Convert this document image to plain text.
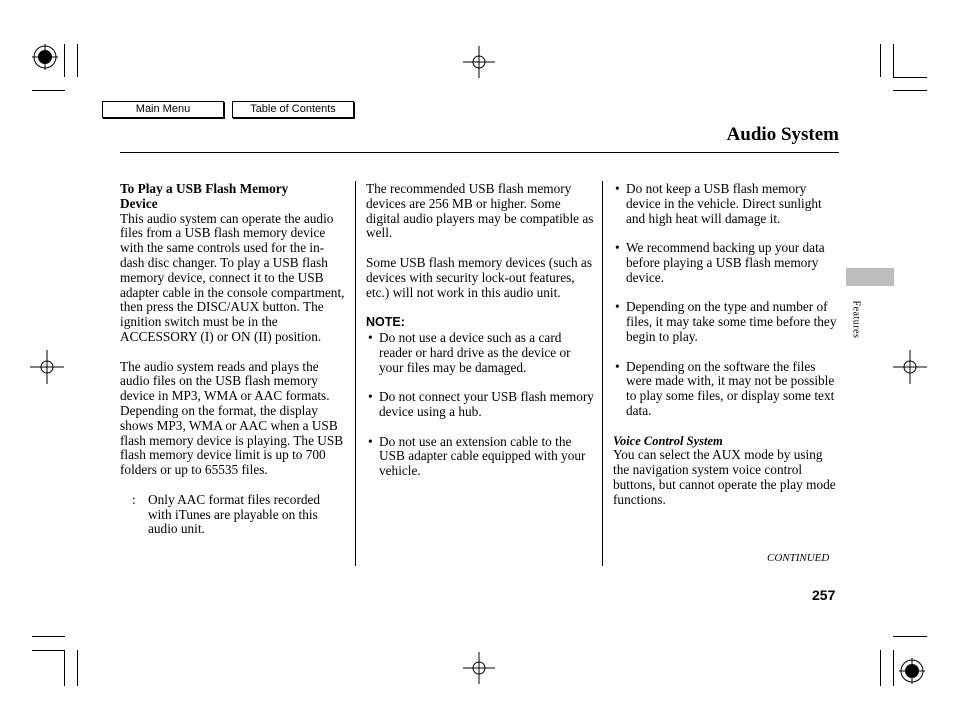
Main Menu	Table of Contents
Audio System
To Play a USB Flash Memory
Device

This audio system can operate the audio files from a USB flash memory device with the same controls used for the in-dash disc changer. To play a USB flash memory device, connect it to the USB adapter cable in the console compartment, then press the DISC/AUX button. The ignition switch must be in the ACCESSORY (I) or ON (II) position.

The audio system reads and plays the audio files on the USB flash memory device in MP3, WMA or AAC formats. Depending on the format, the display shows MP3, WMA or AAC when a USB flash memory device is playing. The USB flash memory device limit is up to 700 folders or up to 65535 files.

: Only AAC format files recorded with iTunes are playable on this audio unit.

The recommended USB flash memory devices are 256 MB or higher. Some digital audio players may be compatible as well.

Some USB flash memory devices (such as devices with security lock-out features, etc.) will not work in this audio unit.

NOTE:
• Do not use a device such as a card reader or hard drive as the device or your files may be damaged.
• Do not connect your USB flash memory device using a hub.
• Do not use an extension cable to the USB adapter cable equipped with your vehicle.
• Do not keep a USB flash memory device in the vehicle. Direct sunlight and high heat will damage it.
• We recommend backing up your data before playing a USB flash memory device.
• Depending on the type and number of files, it may take some time before they begin to play.
• Depending on the software the files were made with, it may not be possible to play some files, or display some text data.
Voice Control System

You can select the AUX mode by using the navigation system voice control buttons, but cannot operate the play mode functions.

Features
CONTINUED
257
